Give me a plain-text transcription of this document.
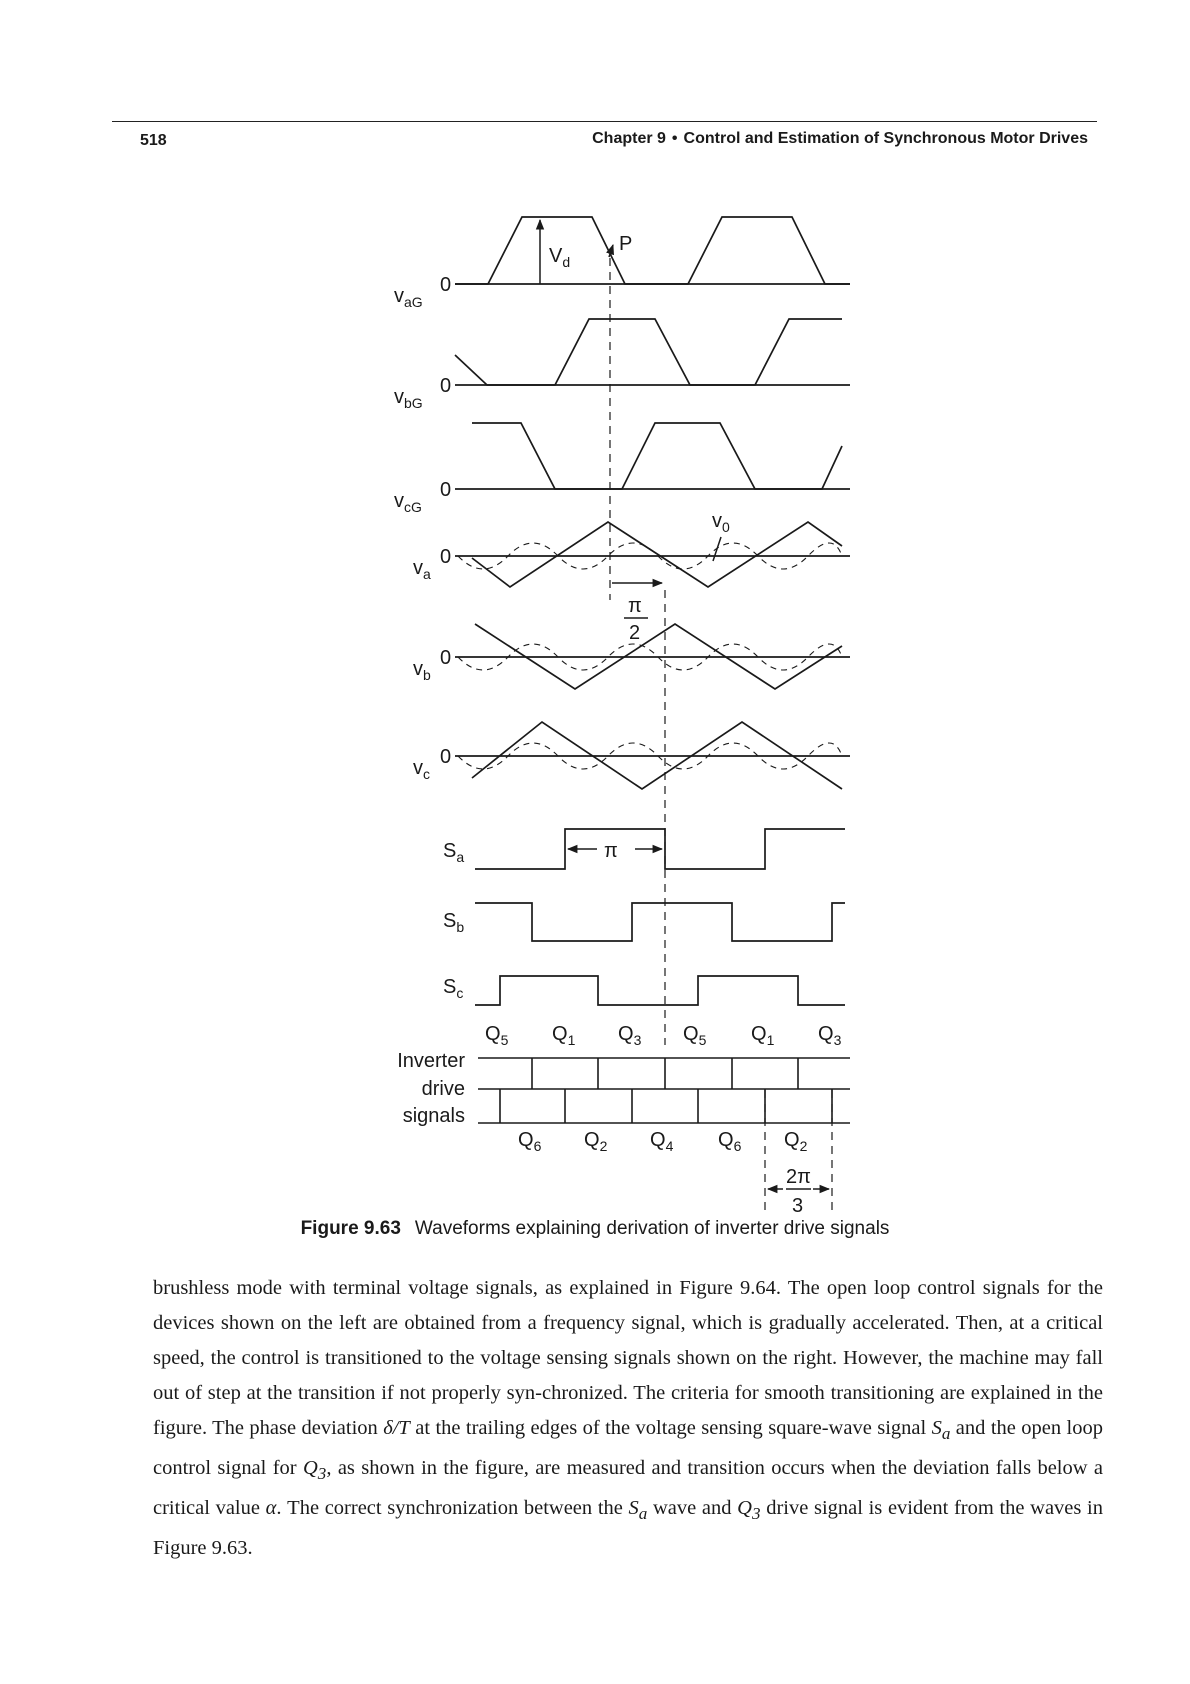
518	Chapter 9 • Control and Estimation of Synchronous Motor Drives
$v_{aG}$
$v_{bG}$
$v_{cG}$
$v_a$
$v_b$
$v_c$
$S_a$
$S_b$
$S_c$
0
0
0
0
0
0
$V_d$
P
$v_0$
π
2
π
2π
3
Inverter
drive
signals
$Q_5$ $Q_1$ $Q_3$ $Q_5$ $Q_1$ $Q_3$
$Q_6$ $Q_2$ $Q_4$ $Q_6$ $Q_2$
Figure 9.63 Waveforms explaining derivation of inverter drive signals

brushless mode with terminal voltage signals, as explained in Figure 9.64. The open loop control signals for the devices shown on the left are obtained from a frequency signal, which is gradually accelerated. Then, at a critical speed, the control is transitioned to the voltage sensing signals shown on the right. However, the machine may fall out of step at the transition if not properly syn-chronized. The criteria for smooth transitioning are explained in the figure. The phase deviation δ/T at the trailing edges of the voltage sensing square-wave signal $S_a$ and the open loop control signal for $Q_3$, as shown in the figure, are measured and transition occurs when the deviation falls below a critical value α. The correct synchronization between the $S_a$ wave and $Q_3$ drive signal is evident from the waves in Figure 9.63.
